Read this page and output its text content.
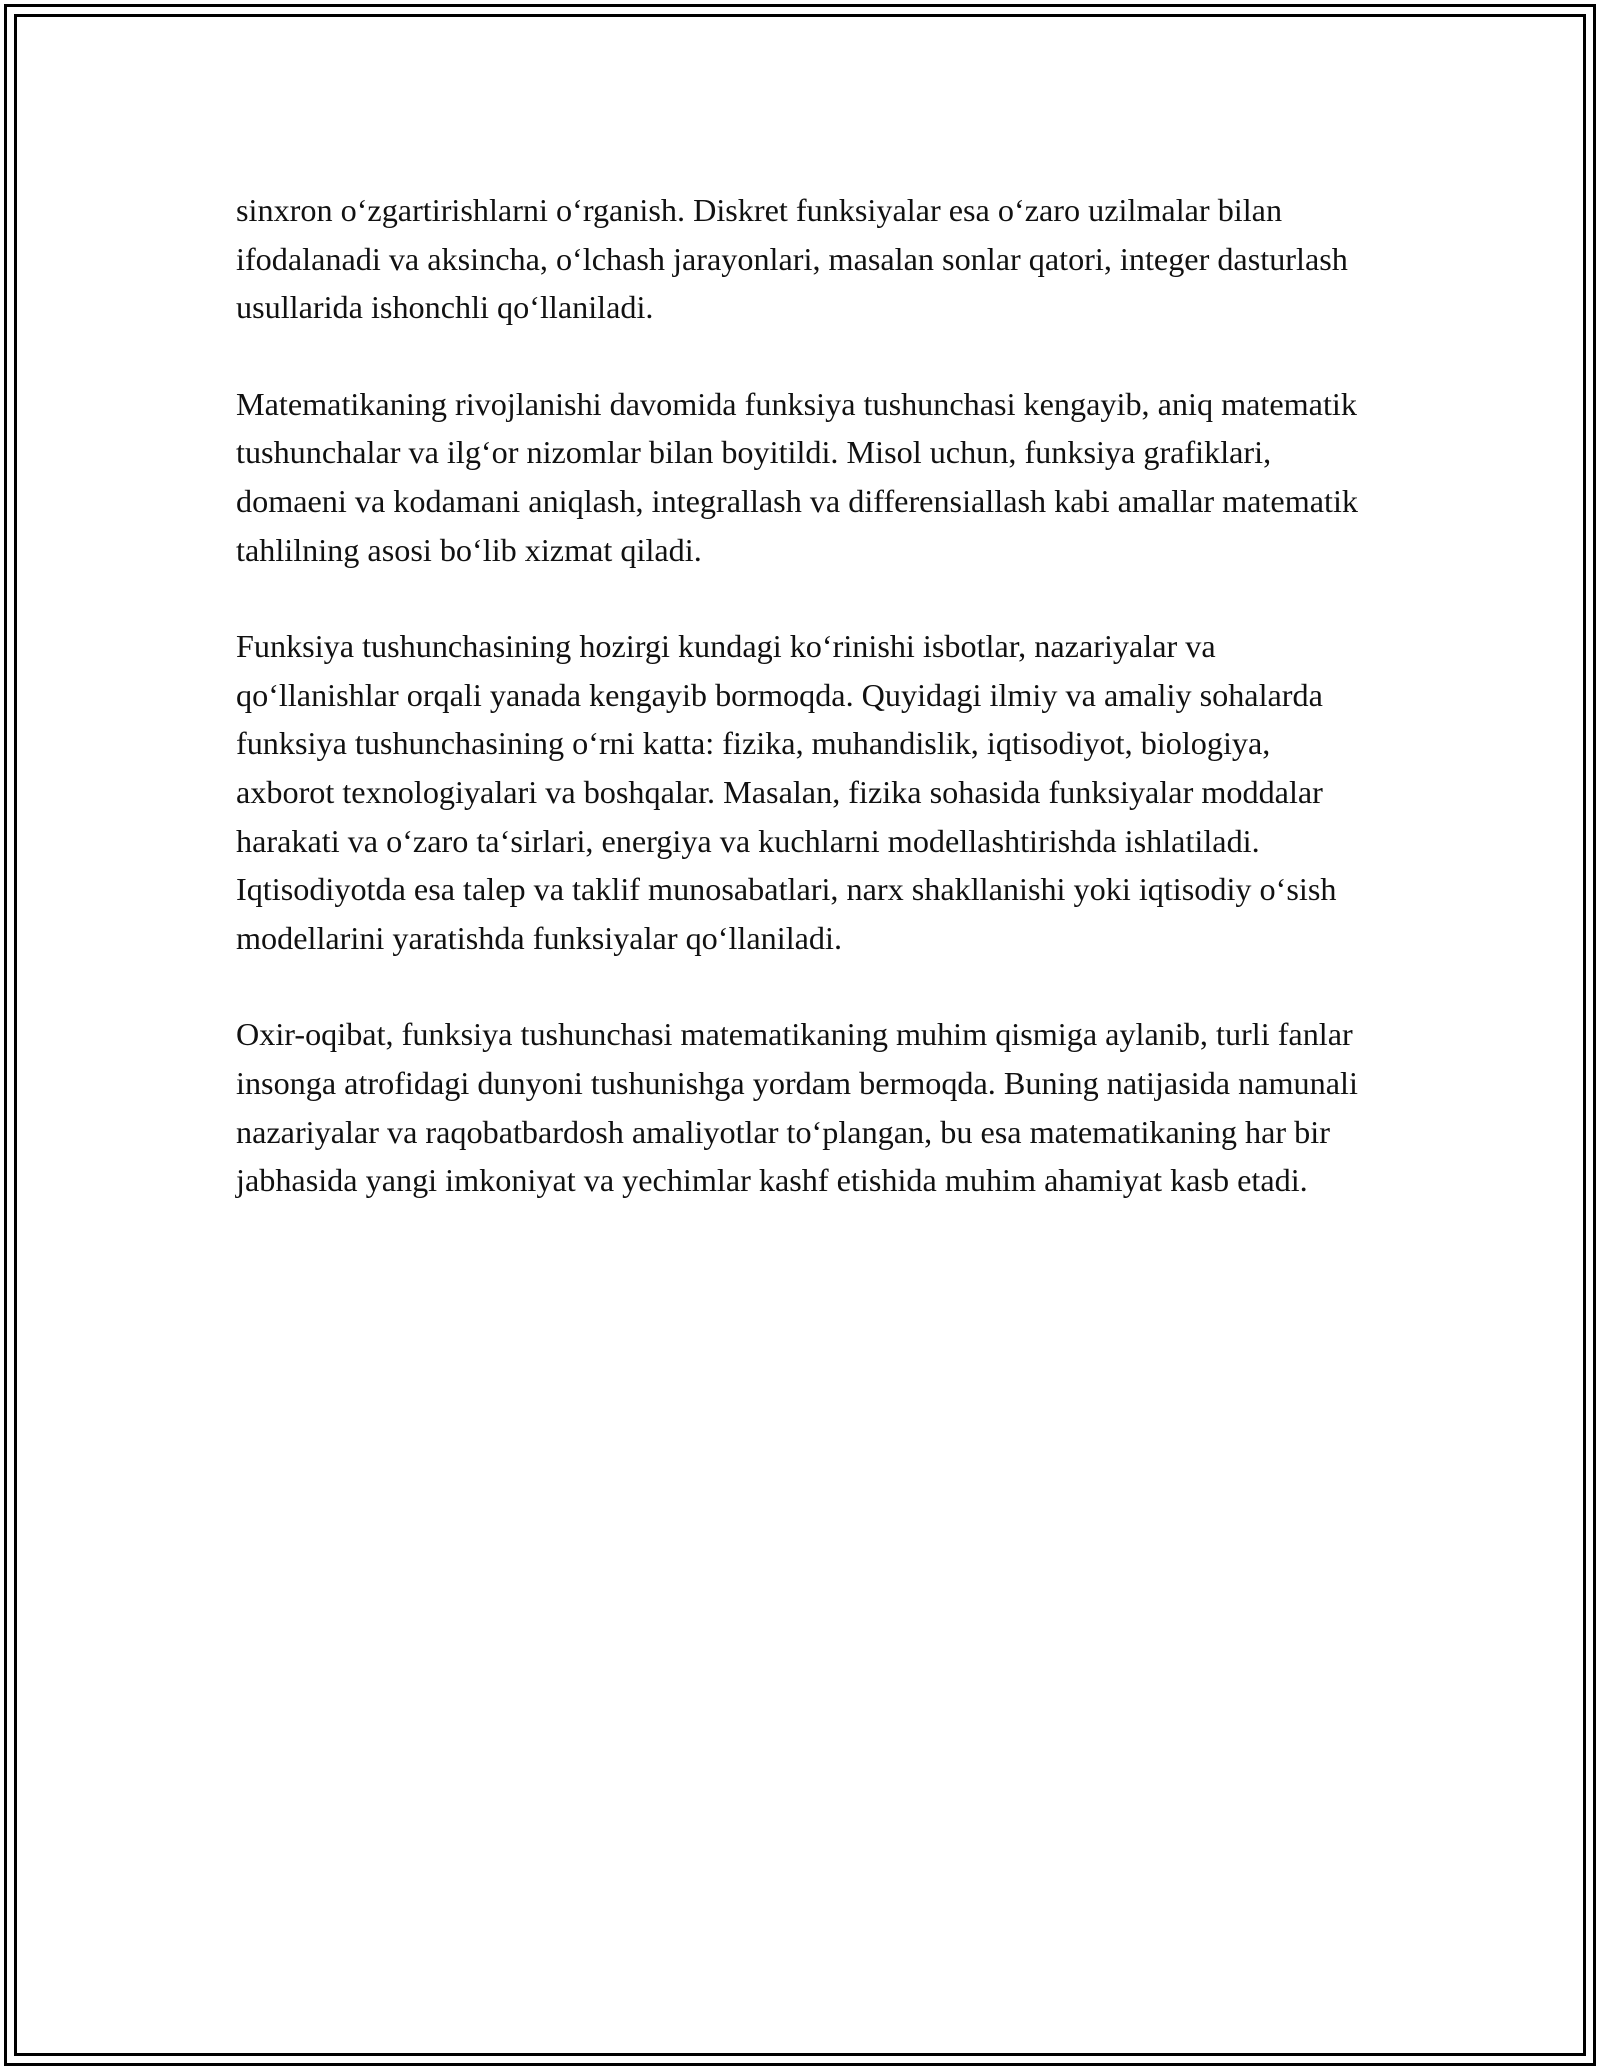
sinxron o‘zgartirishlarni o‘rganish. Diskret funksiyalar esa o‘zaro uzilmalar bilan ifodalanadi va aksincha, o‘lchash jarayonlari, masalan sonlar qatori, integer dasturlash usullarida ishonchli qo‘llaniladi.

Matematikaning rivojlanishi davomida funksiya tushunchasi kengayib, aniq matematik tushunchalar va ilg‘or nizomlar bilan boyitildi. Misol uchun, funksiya grafiklari, domaeni va kodamani aniqlash, integrallash va differensiallash kabi amallar matematik tahlilning asosi bo‘lib xizmat qiladi.

Funksiya tushunchasining hozirgi kundagi ko‘rinishi isbotlar, nazariyalar va qo‘llanishlar orqali yanada kengayib bormoqda. Quyidagi ilmiy va amaliy sohalarda funksiya tushunchasining o‘rni katta: fizika, muhandislik, iqtisodiyot, biologiya, axborot texnologiyalari va boshqalar. Masalan, fizika sohasida funksiyalar moddalar harakati va o‘zaro ta‘sirlari, energiya va kuchlarni modellashtirishda ishlatiladi. Iqtisodiyotda esa talep va taklif munosabatlari, narx shakllanishi yoki iqtisodiy o‘sish modellarini yaratishda funksiyalar qo‘llaniladi.

Oxir-oqibat, funksiya tushunchasi matematikaning muhim qismiga aylanib, turli fanlar insonga atrofidagi dunyoni tushunishga yordam bermoqda. Buning natijasida namunali nazariyalar va raqobatbardosh amaliyotlar to‘plangan, bu esa matematikaning har bir jabhasida yangi imkoniyat va yechimlar kashf etishida muhim ahamiyat kasb etadi.
